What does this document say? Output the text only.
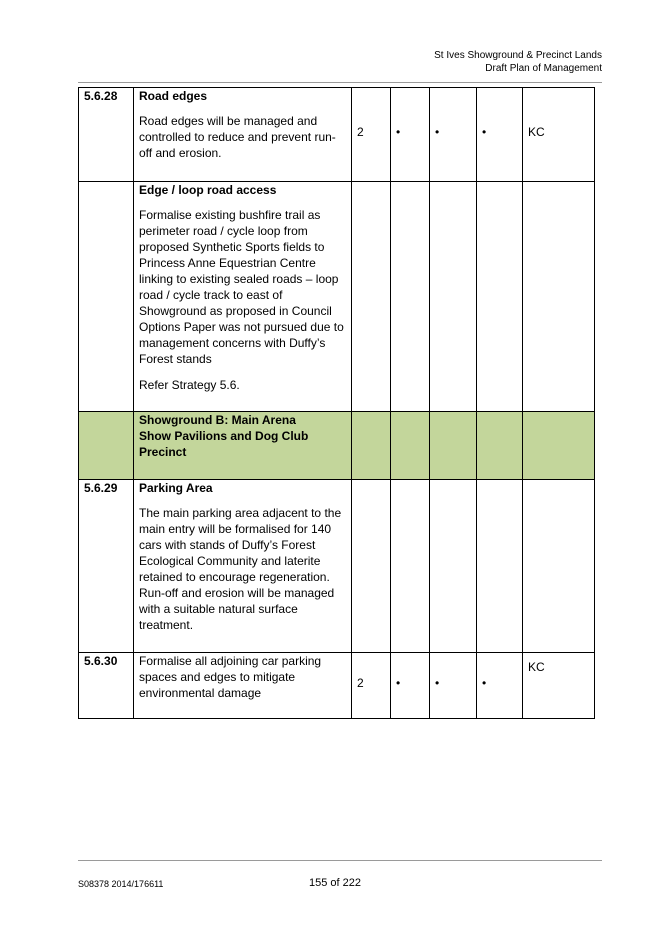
St Ives Showground & Precinct Lands
Draft Plan of Management
5.6.28	Road edges
Road edges will be managed and controlled to reduce and prevent run-off and erosion.	2	•	•	•	KC

	Edge / loop road access
Formalise existing bushfire trail as perimeter road / cycle loop from proposed Synthetic Sports fields to Princess Anne Equestrian Centre linking to existing sealed roads – loop road / cycle track to east of Showground as proposed in Council Options Paper was not pursued due to management concerns with Duffy’s Forest stands
Refer Strategy 5.6.					

	Showground B: Main Arena
Show Pavilions and Dog Club
Precinct					

5.6.29	Parking Area
The main parking area adjacent to the main entry will be formalised for 140 cars with stands of Duffy’s Forest Ecological Community and laterite retained to encourage regeneration. Run-off and erosion will be managed with a suitable natural surface treatment.					

5.6.30	Formalise all adjoining car parking spaces and edges to mitigate environmental damage	2	•	•	•	KC
S08378 2014/176611	155 of 222
